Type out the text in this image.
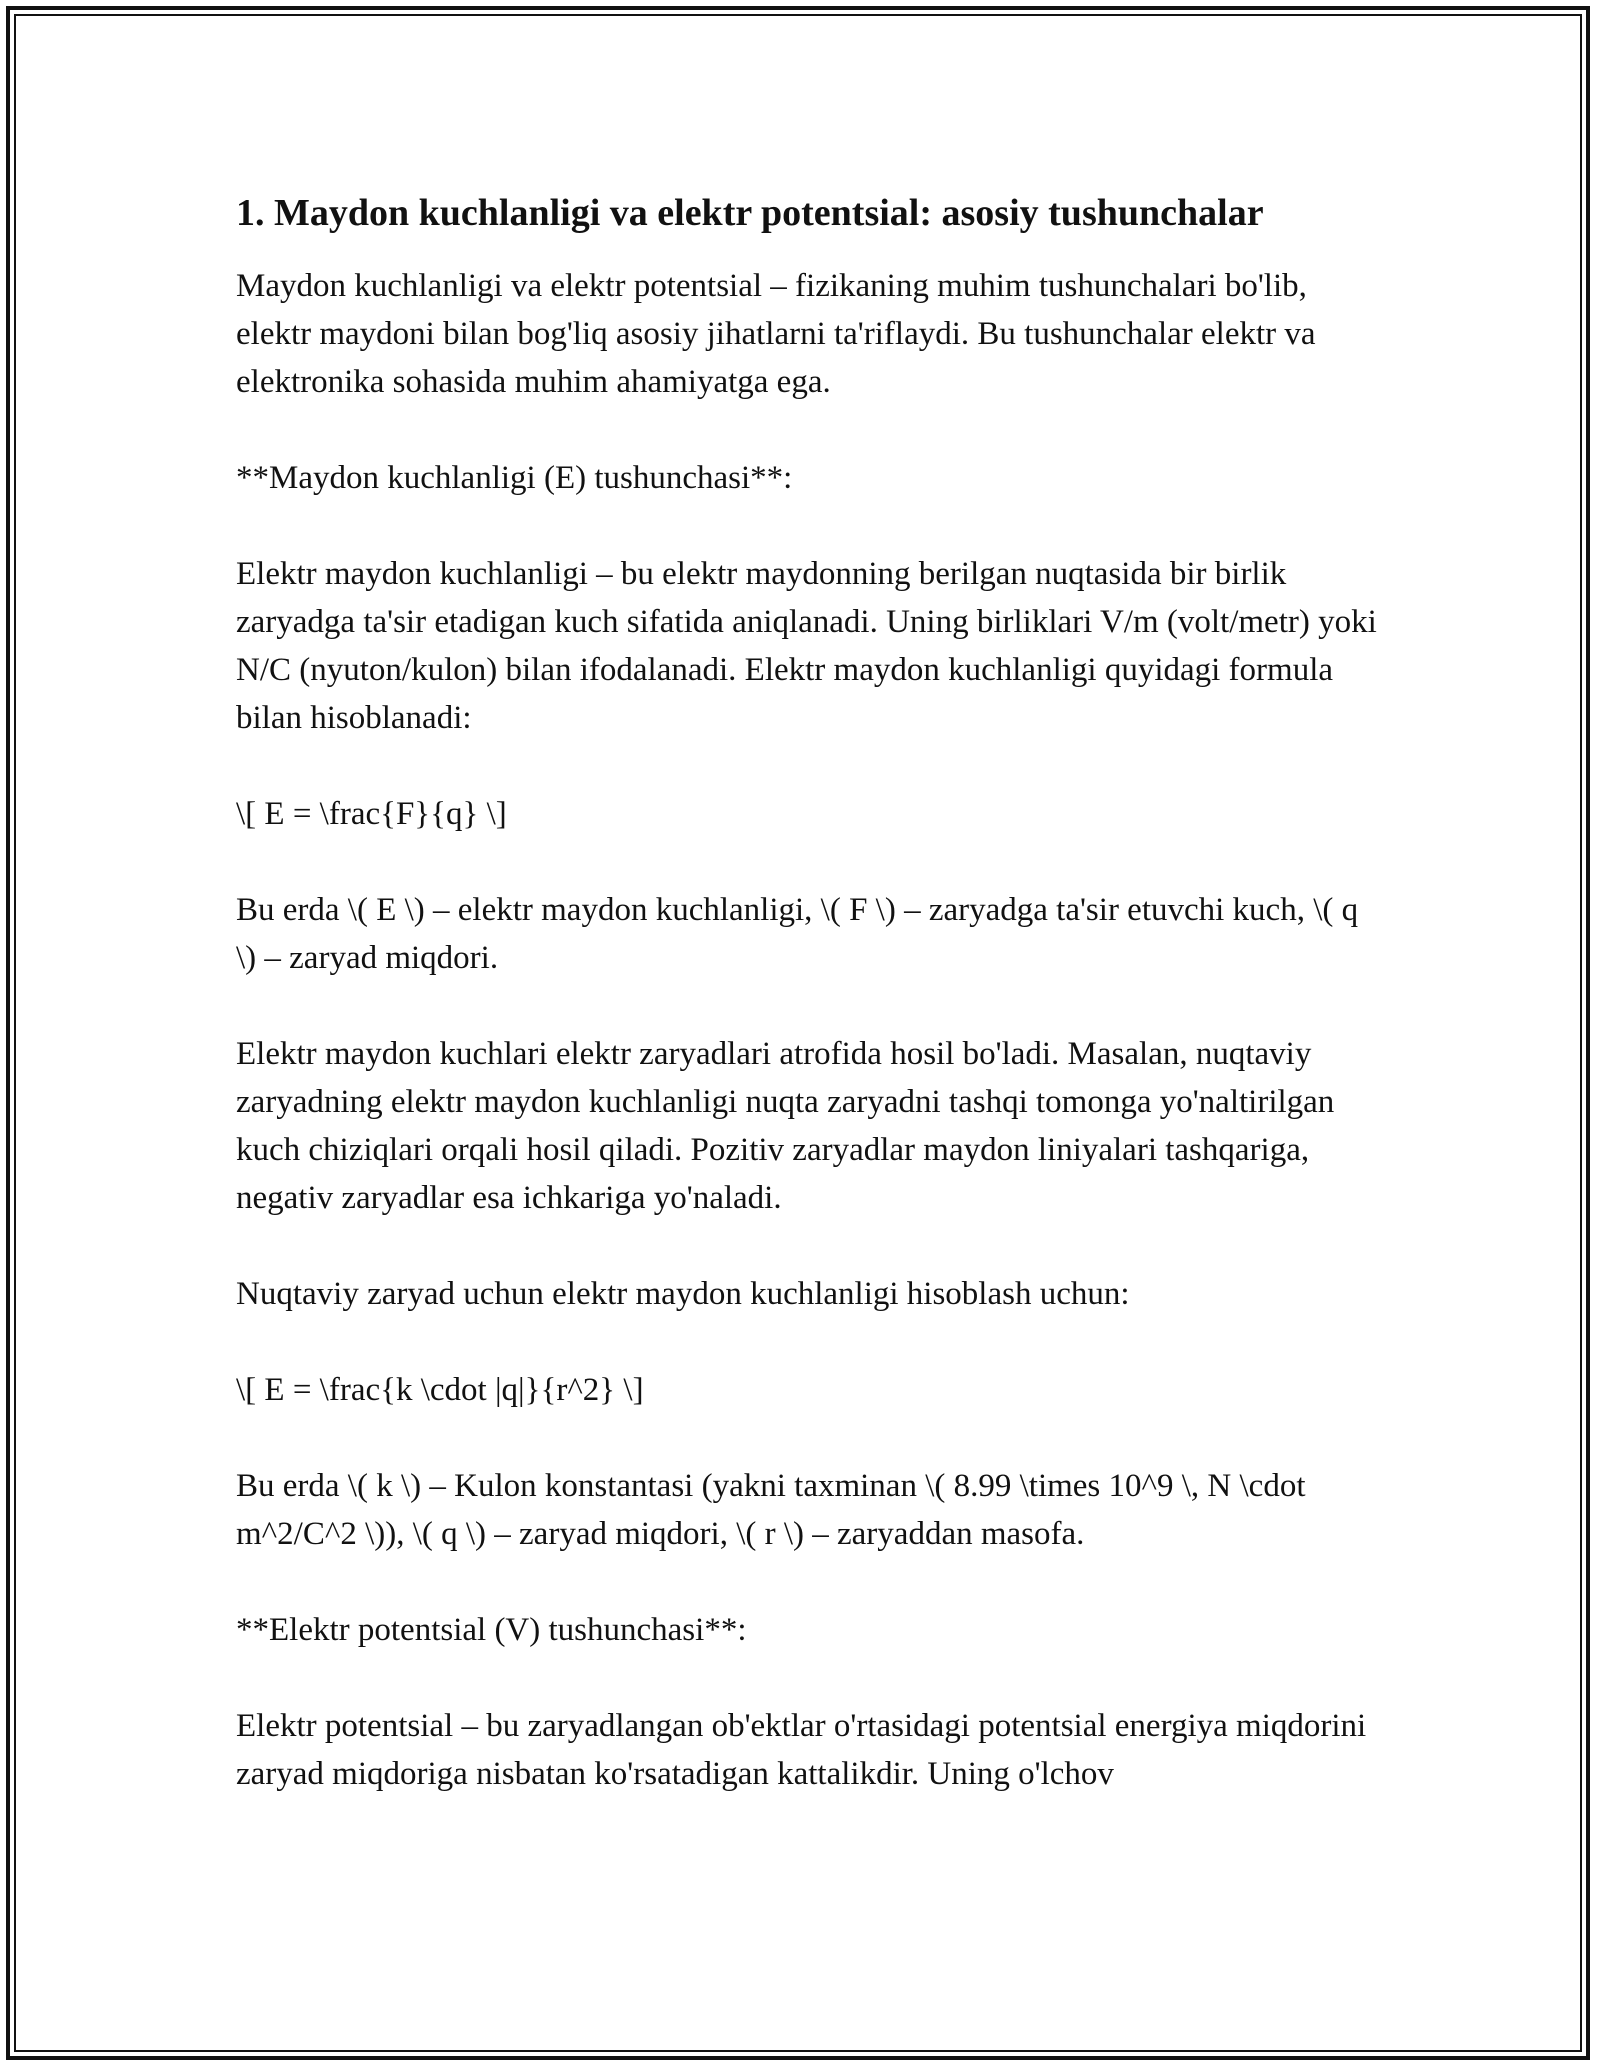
1. Maydon kuchlanligi va elektr potentsial: asosiy tushunchalar

Maydon kuchlanligi va elektr potentsial – fizikaning muhim tushunchalari bo'lib, elektr maydoni bilan bog'liq asosiy jihatlarni ta'riflaydi. Bu tushunchalar elektr va elektronika sohasida muhim ahamiyatga ega.

**Maydon kuchlanligi (E) tushunchasi**:

Elektr maydon kuchlanligi – bu elektr maydonning berilgan nuqtasida bir birlik zaryadga ta'sir etadigan kuch sifatida aniqlanadi. Uning birliklari V/m (volt/metr) yoki N/C (nyuton/kulon) bilan ifodalanadi. Elektr maydon kuchlanligi quyidagi formula bilan hisoblanadi:

\[ E = \frac{F}{q} \]

Bu erda \( E \) – elektr maydon kuchlanligi, \( F \) – zaryadga ta'sir etuvchi kuch, \( q \) – zaryad miqdori.

Elektr maydon kuchlari elektr zaryadlari atrofida hosil bo'ladi. Masalan, nuqtaviy zaryadning elektr maydon kuchlanligi nuqta zaryadni tashqi tomonga yo'naltirilgan kuch chiziqlari orqali hosil qiladi. Pozitiv zaryadlar maydon liniyalari tashqariga, negativ zaryadlar esa ichkariga yo'naladi.

Nuqtaviy zaryad uchun elektr maydon kuchlanligi hisoblash uchun:

\[ E = \frac{k \cdot |q|}{r^2} \]

Bu erda \( k \) – Kulon konstantasi (yakni taxminan \( 8.99 \times 10^9 \, N \cdot m^2/C^2 \)), \( q \) – zaryad miqdori, \( r \) – zaryaddan masofa.

**Elektr potentsial (V) tushunchasi**:

Elektr potentsial – bu zaryadlangan ob'ektlar o'rtasidagi potentsial energiya miqdorini zaryad miqdoriga nisbatan ko'rsatadigan kattalikdir. Uning o'lchov
